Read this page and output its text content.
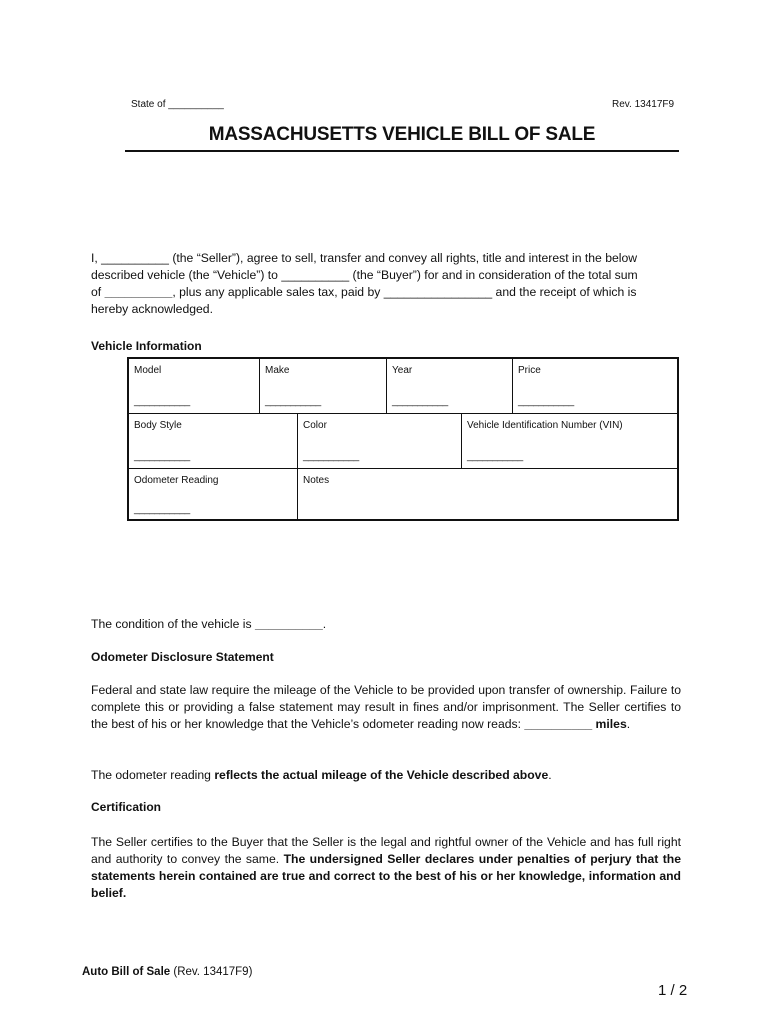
State of __________	Rev. 13417F9
MASSACHUSETTS VEHICLE BILL OF SALE
I, __________ (the “Seller”), agree to sell, transfer and convey all rights, title and interest in the below
described vehicle (the “Vehicle”) to __________ (the “Buyer”) for and in consideration of the total sum
of __________, plus any applicable sales tax, paid by ________________ and the receipt of which is
hereby acknowledged.
Vehicle Information
Model
___________
Make
___________
Year
___________
Price
___________
Body Style
___________
Color
___________
Vehicle Identification Number (VIN)
___________
Odometer Reading
___________
Notes
The condition of the vehicle is __________.
Odometer Disclosure Statement
Federal and state law require the mileage of the Vehicle to be provided upon transfer of ownership. Failure to complete this or providing a false statement may result in fines and/or imprisonment. The Seller certifies to the best of his or her knowledge that the Vehicle’s odometer reading now reads: __________ miles.
The odometer reading reflects the actual mileage of the Vehicle described above.
Certification
The Seller certifies to the Buyer that the Seller is the legal and rightful owner of the Vehicle and has full right and authority to convey the same. The undersigned Seller declares under penalties of perjury that the statements herein contained are true and correct to the best of his or her knowledge, information and belief.
Auto Bill of Sale (Rev. 13417F9)
1 / 2
